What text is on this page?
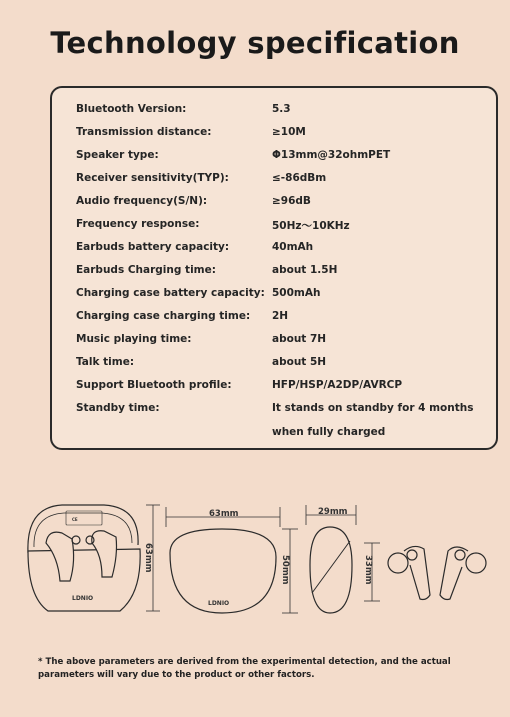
Technology specification
Bluetooth Version:	5.3
Transmission distance:	≥10M
Speaker type:	Φ13mm@32ohmPET
Receiver sensitivity(TYP):	≤-86dBm
Audio frequency(S/N):	≥96dB
Frequency response:	50Hz～10KHz
Earbuds battery capacity:	40mAh
Earbuds Charging time:	about 1.5H
Charging case battery capacity: 500mAh
Charging case charging time: 2H
Music playing time:	about 7H
Talk time:	about 5H
Support Bluetooth profile:	HFP/HSP/A2DP/AVRCP
Standby time:	It stands on standby for 4 months
when fully charged
CE
LDNIO
63mm
63mm
LDNIO
50mm
29mm
33mm
* The above parameters are derived from the experimental detection, and the actual parameters will vary due to the product or other factors.
